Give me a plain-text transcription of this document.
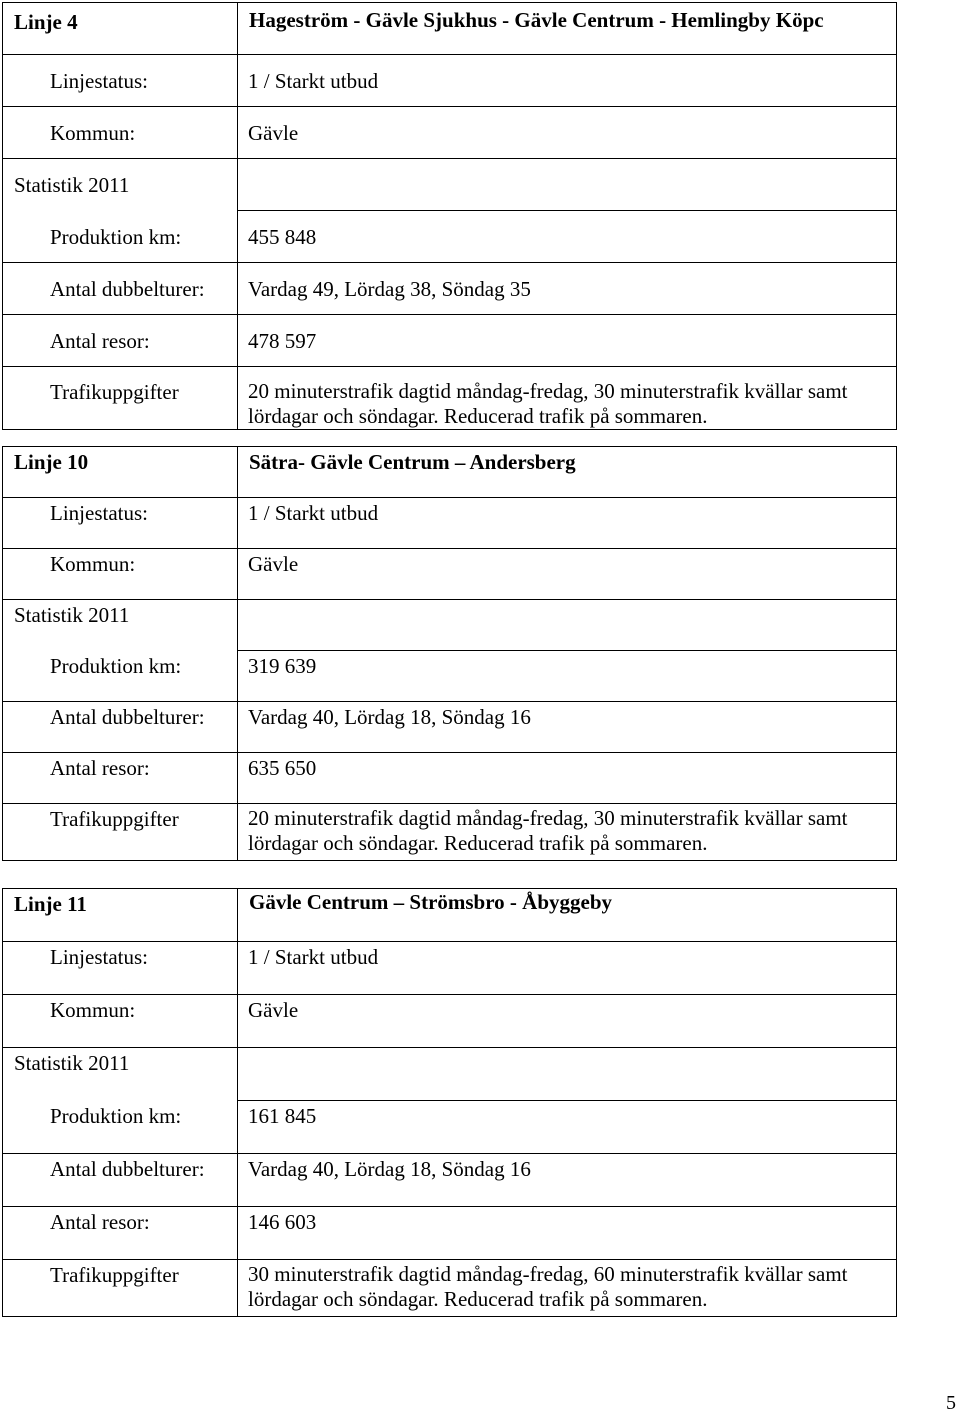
Linje 4	Hageström - Gävle Sjukhus - Gävle Centrum - Hemlingby Köpc
Linjestatus:	1 / Starkt utbud
Kommun:	Gävle
Statistik 2011	
Produktion km:	455 848
Antal dubbelturer:	Vardag 49, Lördag 38, Söndag 35
Antal resor:	478 597
Trafikuppgifter	20 minuterstrafik dagtid måndag-fredag, 30 minuterstrafik kvällar samt lördagar och söndagar. Reducerad trafik på sommaren.
Linje 10	Sätra- Gävle Centrum – Andersberg
Linjestatus:	1 / Starkt utbud
Kommun:	Gävle
Statistik 2011	
Produktion km:	319 639
Antal dubbelturer:	Vardag 40, Lördag 18, Söndag 16
Antal resor:	635 650
Trafikuppgifter	20 minuterstrafik dagtid måndag-fredag, 30 minuterstrafik kvällar samt lördagar och söndagar. Reducerad trafik på sommaren.
Linje 11	Gävle Centrum – Strömsbro - Åbyggeby
Linjestatus:	1 / Starkt utbud
Kommun:	Gävle
Statistik 2011	
Produktion km:	161 845
Antal dubbelturer:	Vardag 40, Lördag 18, Söndag 16
Antal resor:	146 603
Trafikuppgifter	30 minuterstrafik dagtid måndag-fredag, 60 minuterstrafik kvällar samt lördagar och söndagar. Reducerad trafik på sommaren.
5
